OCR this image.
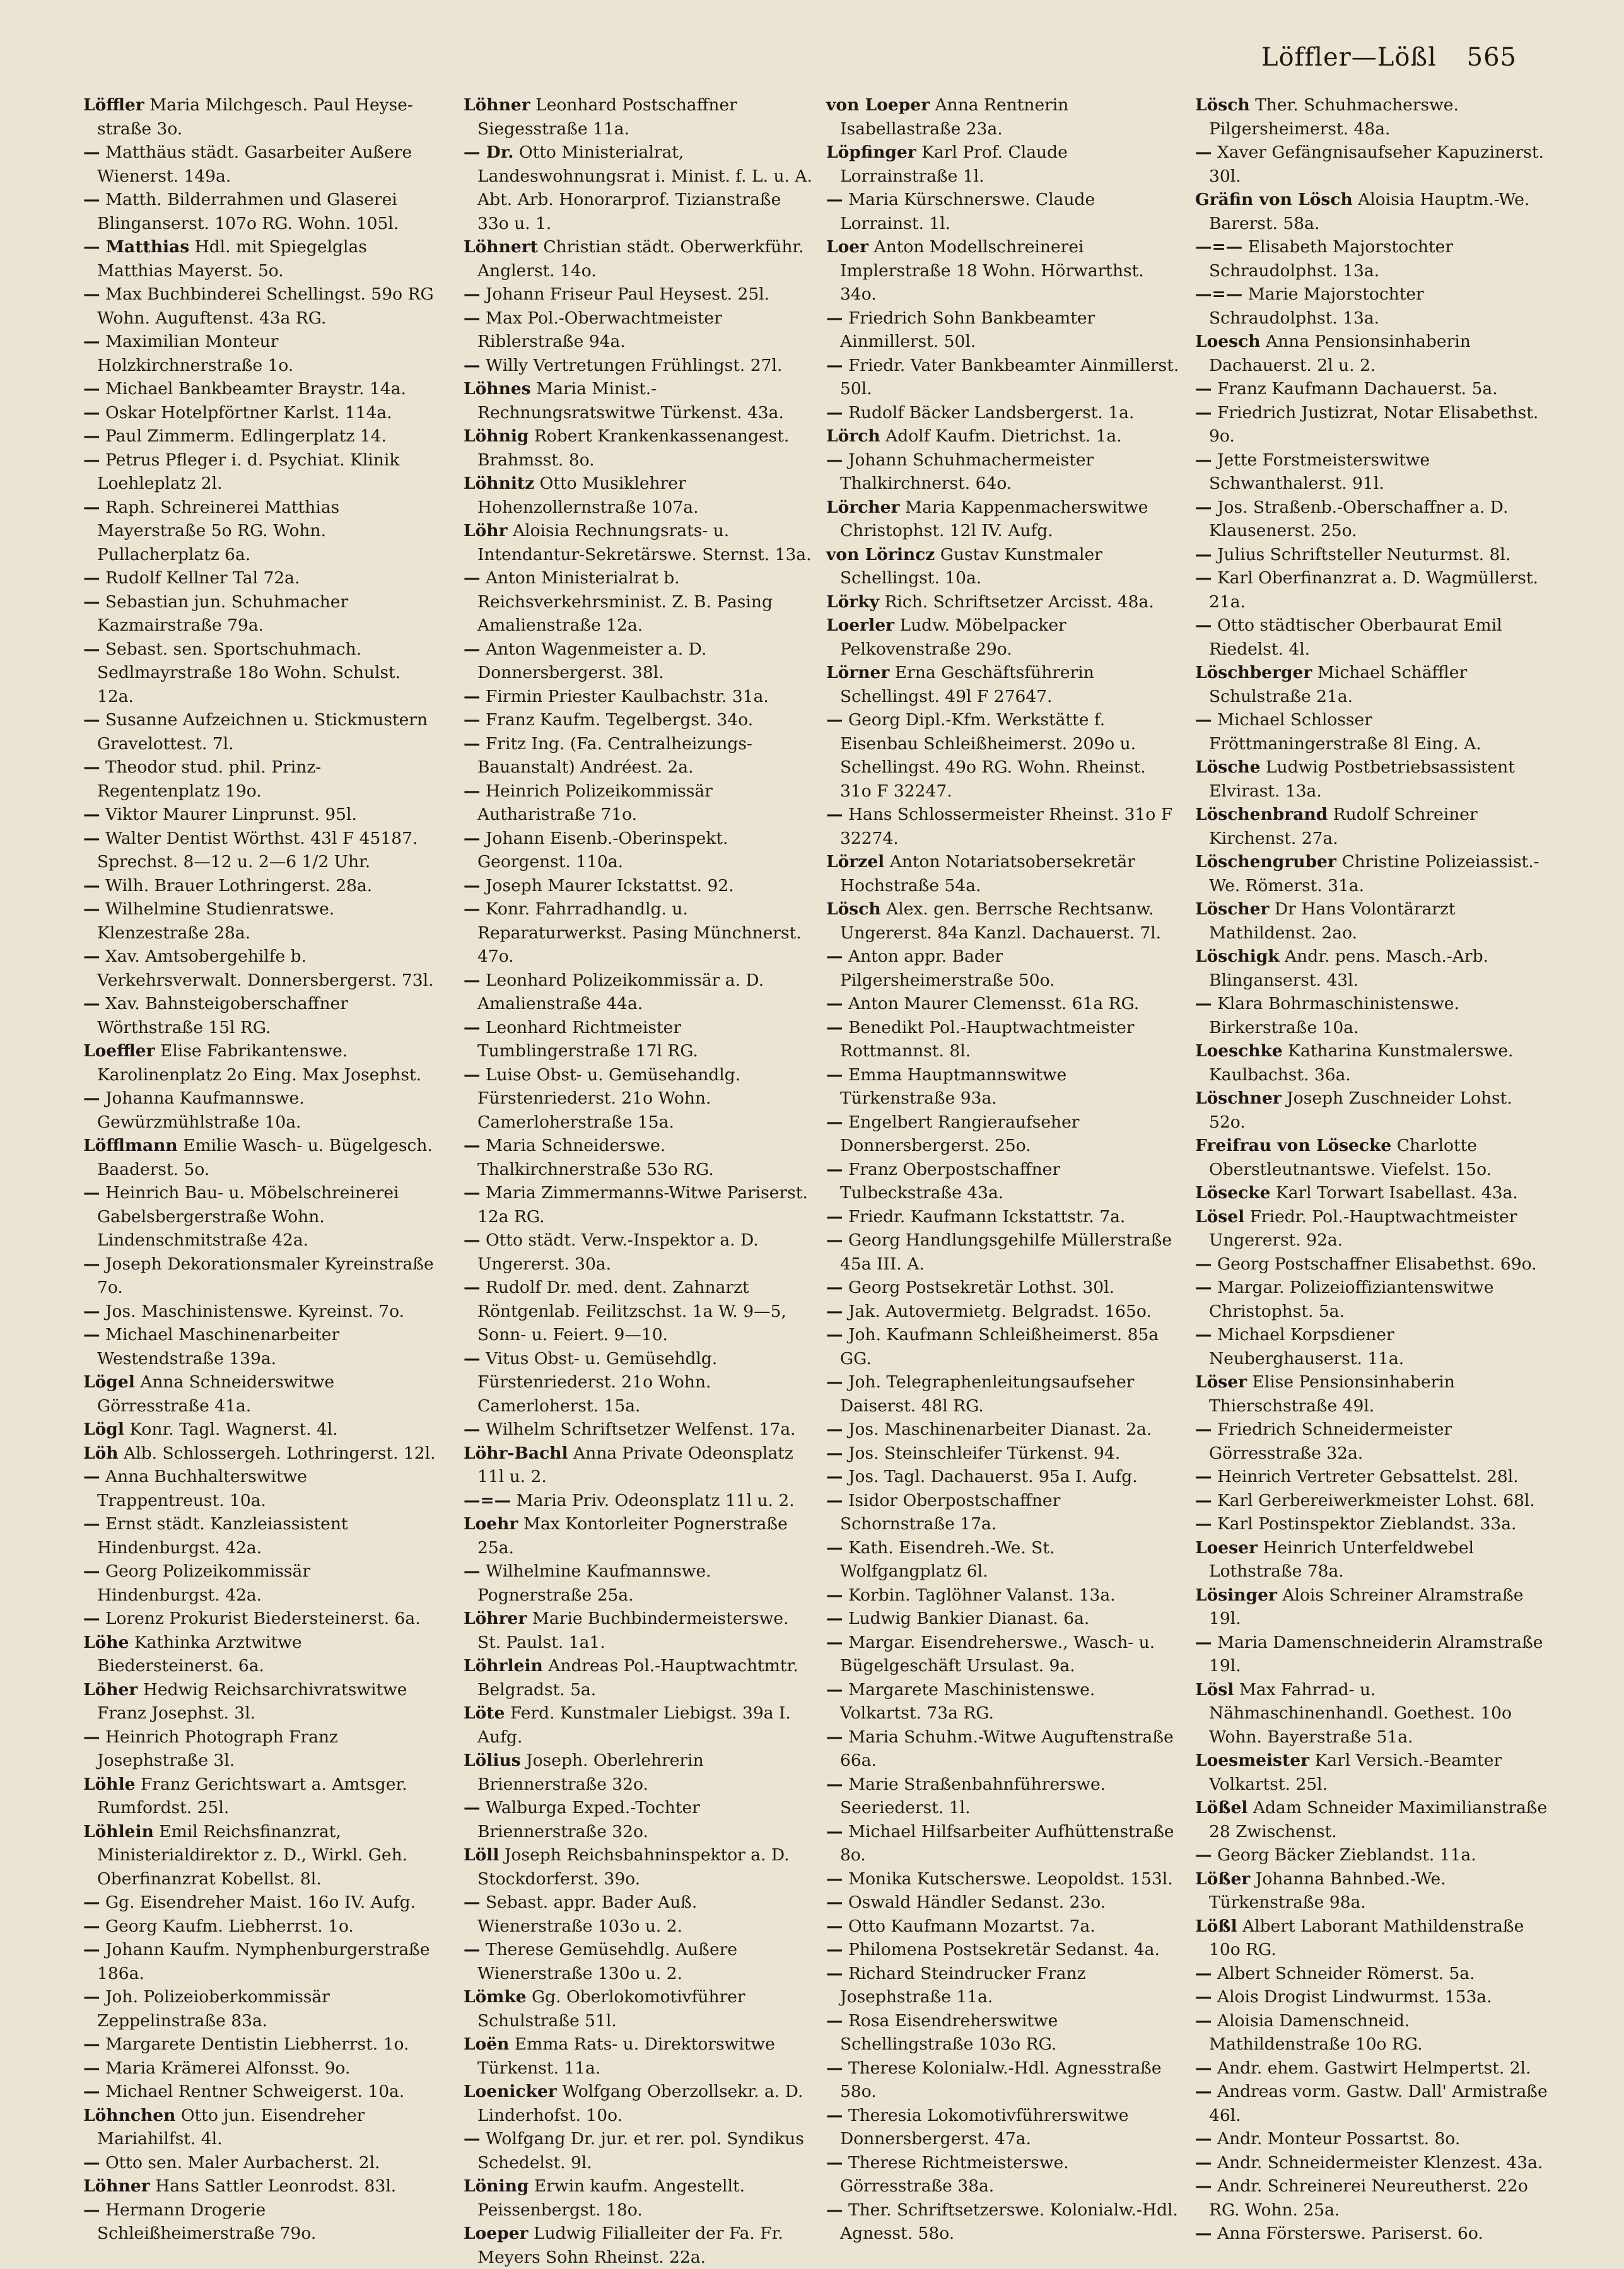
Löffler—Lößl 565

Löffler Maria Milchgesch. Paul Heyse-straße 3o.

— Matthäus städt. Gasarbeiter Außere Wienerst. 149a.

— Matth. Bilderrahmen und Glaserei Blinganserst. 107o RG. Wohn. 105l.

— Matthias Hdl. mit Spiegelglas Matthias Mayerst. 5o.

— Max Buchbinderei Schellingst. 59o RG Wohn. Auguftenst. 43a RG.

— Maximilian Monteur Holzkirchnerstraße 1o.

— Michael Bankbeamter Braystr. 14a.

— Oskar Hotelpförtner Karlst. 114a.

— Paul Zimmerm. Edlingerplatz 14.

— Petrus Pfleger i. d. Psychiat. Klinik Loehleplatz 2l.

— Raph. Schreinerei Matthias Mayerstraße 5o RG. Wohn. Pullacherplatz 6a.

— Rudolf Kellner Tal 72a.

— Sebastian jun. Schuhmacher Kazmairstraße 79a.

— Sebast. sen. Sportschuhmach. Sedlmayrstraße 18o Wohn. Schulst. 12a.

— Susanne Aufzeichnen u. Stickmustern Gravelottest. 7l.

— Theodor stud. phil. Prinz-Regentenplatz 19o.

— Viktor Maurer Linprunst. 95l.

— Walter Dentist Wörthst. 43l F 45187. Sprechst. 8—12 u. 2—6 1/2 Uhr.

— Wilh. Brauer Lothringerst. 28a.

— Wilhelmine Studienratswe. Klenzestraße 28a.

— Xav. Amtsobergehilfe b. Verkehrsverwalt. Donnersbergerst. 73l.

— Xav. Bahnsteigoberschaffner Wörthstraße 15l RG.

Loeffler Elise Fabrikantenswe. Karolinenplatz 2o Eing. Max Josephst.

— Johanna Kaufmannswe. Gewürzmühlstraße 10a.

Löfflmann Emilie Wasch- u. Bügelgesch. Baaderst. 5o.

— Heinrich Bau- u. Möbelschreinerei Gabelsbergerstraße Wohn. Lindenschmitstraße 42a.

— Joseph Dekorationsmaler Kyreinstraße 7o.

— Jos. Maschinistenswe. Kyreinst. 7o.

— Michael Maschinenarbeiter Westendstraße 139a.

Lögel Anna Schneiderswitwe Görresstraße 41a.

Lögl Konr. Tagl. Wagnerst. 4l.

Löh Alb. Schlossergeh. Lothringerst. 12l.

— Anna Buchhalterswitwe Trappentreust. 10a.

— Ernst städt. Kanzleiassistent Hindenburgst. 42a.

— Georg Polizeikommissär Hindenburgst. 42a.

— Lorenz Prokurist Biedersteinerst. 6a.

Löhe Kathinka Arztwitwe Biedersteinerst. 6a.

Löher Hedwig Reichsarchivratswitwe Franz Josephst. 3l.

— Heinrich Photograph Franz Josephstraße 3l.

Löhle Franz Gerichtswart a. Amtsger. Rumfordst. 25l.

Löhlein Emil Reichsfinanzrat, Ministerialdirektor z. D., Wirkl. Geh. Oberfinanzrat Kobellst. 8l.

— Gg. Eisendreher Maist. 16o IV. Aufg.

— Georg Kaufm. Liebherrst. 1o.

— Johann Kaufm. Nymphenburgerstraße 186a.

— Joh. Polizeioberkommissär Zeppelinstraße 83a.

— Margarete Dentistin Liebherrst. 1o.

— Maria Krämerei Alfonsst. 9o.

— Michael Rentner Schweigerst. 10a.

Löhnchen Otto jun. Eisendreher Mariahilfst. 4l.

— Otto sen. Maler Aurbacherst. 2l.

Löhner Hans Sattler Leonrodst. 83l.

— Hermann Drogerie Schleißheimerstraße 79o.

Löhner Leonhard Postschaffner Siegesstraße 11a.

— Dr. Otto Ministerialrat, Landeswohnungsrat i. Minist. f. L. u. A. Abt. Arb. Honorarprof. Tizianstraße 33o u. 1.

Löhnert Christian städt. Oberwerkführ. Anglerst. 14o.

— Johann Friseur Paul Heysest. 25l.

— Max Pol.-Oberwachtmeister Riblerstraße 94a.

— Willy Vertretungen Frühlingst. 27l.

Löhnes Maria Minist.-Rechnungsratswitwe Türkenst. 43a.

Löhnig Robert Krankenkassenangest. Brahmsst. 8o.

Löhnitz Otto Musiklehrer Hohenzollernstraße 107a.

Löhr Aloisia Rechnungsrats- u. Intendantur-Sekretärswe. Sternst. 13a.

— Anton Ministerialrat b. Reichsverkehrsminist. Z. B. Pasing Amalienstraße 12a.

— Anton Wagenmeister a. D. Donnersbergerst. 38l.

— Firmin Priester Kaulbachstr. 31a.

— Franz Kaufm. Tegelbergst. 34o.

— Fritz Ing. (Fa. Centralheizungs-Bauanstalt) Andréest. 2a.

— Heinrich Polizeikommissär Autharistraße 71o.

— Johann Eisenb.-Oberinspekt. Georgenst. 110a.

— Joseph Maurer Ickstattst. 92.

— Konr. Fahrradhandlg. u. Reparaturwerkst. Pasing Münchnerst. 47o.

— Leonhard Polizeikommissär a. D. Amalienstraße 44a.

— Leonhard Richtmeister Tumblingerstraße 17l RG.

— Luise Obst- u. Gemüsehandlg. Fürstenriederst. 21o Wohn. Camerloherstraße 15a.

— Maria Schneiderswe. Thalkirchnerstraße 53o RG.

— Maria Zimmermanns-Witwe Pariserst. 12a RG.

— Otto städt. Verw.-Inspektor a. D. Ungererst. 30a.

— Rudolf Dr. med. dent. Zahnarzt Röntgenlab. Feilitzschst. 1a W. 9—5, Sonn- u. Feiert. 9—10.

— Vitus Obst- u. Gemüsehdlg. Fürstenriederst. 21o Wohn. Camerloherst. 15a.

— Wilhelm Schriftsetzer Welfenst. 17a.

Löhr-Bachl Anna Private Odeonsplatz 11l u. 2.

—=— Maria Priv. Odeonsplatz 11l u. 2.

Loehr Max Kontorleiter Pognerstraße 25a.

— Wilhelmine Kaufmannswe. Pognerstraße 25a.

Löhrer Marie Buchbindermeisterswe. St. Paulst. 1a1.

Löhrlein Andreas Pol.-Hauptwachtmtr. Belgradst. 5a.

Löte Ferd. Kunstmaler Liebigst. 39a I. Aufg.

Lölius Joseph. Oberlehrerin Briennerstraße 32o.

— Walburga Exped.-Tochter Briennerstraße 32o.

Löll Joseph Reichsbahninspektor a. D. Stockdorferst. 39o.

— Sebast. appr. Bader Auß. Wienerstraße 103o u. 2.

— Therese Gemüsehdlg. Außere Wienerstraße 130o u. 2.

Lömke Gg. Oberlokomotivführer Schulstraße 51l.

Loën Emma Rats- u. Direktorswitwe Türkenst. 11a.

Loenicker Wolfgang Oberzollsekr. a. D. Linderhofst. 10o.

— Wolfgang Dr. jur. et rer. pol. Syndikus Schedelst. 9l.

Löning Erwin kaufm. Angestellt. Peissenbergst. 18o.

Loeper Ludwig Filialleiter der Fa. Fr. Meyers Sohn Rheinst. 22a.

von Loeper Anna Rentnerin Isabellastraße 23a.

Löpfinger Karl Prof. Claude Lorrainstraße 1l.

— Maria Kürschnerswe. Claude Lorrainst. 1l.

Loer Anton Modellschreinerei Implerstraße 18 Wohn. Hörwarthst. 34o.

— Friedrich Sohn Bankbeamter Ainmillerst. 50l.

— Friedr. Vater Bankbeamter Ainmillerst. 50l.

— Rudolf Bäcker Landsbergerst. 1a.

Lörch Adolf Kaufm. Dietrichst. 1a.

— Johann Schuhmachermeister Thalkirchnerst. 64o.

Lörcher Maria Kappenmacherswitwe Christophst. 12l IV. Aufg.

von Lörincz Gustav Kunstmaler Schellingst. 10a.

Lörky Rich. Schriftsetzer Arcisst. 48a.

Loerler Ludw. Möbelpacker Pelkovenstraße 29o.

Lörner Erna Geschäftsführerin Schellingst. 49l F 27647.

— Georg Dipl.-Kfm. Werkstätte f. Eisenbau Schleißheimerst. 209o u. Schellingst. 49o RG. Wohn. Rheinst. 31o F 32247.

— Hans Schlossermeister Rheinst. 31o F 32274.

Lörzel Anton Notariatsobersekretär Hochstraße 54a.

Lösch Alex. gen. Berrsche Rechtsanw. Ungererst. 84a Kanzl. Dachauerst. 7l.

— Anton appr. Bader Pilgersheimerstraße 50o.

— Anton Maurer Clemensst. 61a RG.

— Benedikt Pol.-Hauptwachtmeister Rottmannst. 8l.

— Emma Hauptmannswitwe Türkenstraße 93a.

— Engelbert Rangieraufseher Donnersbergerst. 25o.

— Franz Oberpostschaffner Tulbeckstraße 43a.

— Friedr. Kaufmann Ickstattstr. 7a.

— Georg Handlungsgehilfe Müllerstraße 45a III. A.

— Georg Postsekretär Lothst. 30l.

— Jak. Autovermietg. Belgradst. 165o.

— Joh. Kaufmann Schleißheimerst. 85a GG.

— Joh. Telegraphenleitungsaufseher Daiserst. 48l RG.

— Jos. Maschinenarbeiter Dianast. 2a.

— Jos. Steinschleifer Türkenst. 94.

— Jos. Tagl. Dachauerst. 95a I. Aufg.

— Isidor Oberpostschaffner Schornstraße 17a.

— Kath. Eisendreh.-We. St. Wolfgangplatz 6l.

— Korbin. Taglöhner Valanst. 13a.

— Ludwig Bankier Dianast. 6a.

— Margar. Eisendreherswe., Wasch- u. Bügelgeschäft Ursulast. 9a.

— Margarete Maschinistenswe. Volkartst. 73a RG.

— Maria Schuhm.-Witwe Auguftenstraße 66a.

— Marie Straßenbahnführerswe. Seeriederst. 1l.

— Michael Hilfsarbeiter Aufhüttenstraße 8o.

— Monika Kutscherswe. Leopoldst. 153l.

— Oswald Händler Sedanst. 23o.

— Otto Kaufmann Mozartst. 7a.

— Philomena Postsekretär Sedanst. 4a.

— Richard Steindrucker Franz Josephstraße 11a.

— Rosa Eisendreherswitwe Schellingstraße 103o RG.

— Therese Kolonialw.-Hdl. Agnesstraße 58o.

— Theresia Lokomotivführerswitwe Donnersbergerst. 47a.

— Therese Richtmeisterswe. Görresstraße 38a.

— Ther. Schriftsetzerswe. Kolonialw.-Hdl. Agnesst. 58o.

Lösch Ther. Schuhmacherswe. Pilgersheimerst. 48a.

— Xaver Gefängnisaufseher Kapuzinerst. 30l.

Gräfin von Lösch Aloisia Hauptm.-We. Barerst. 58a.

—=— Elisabeth Majorstochter Schraudolphst. 13a.

—=— Marie Majorstochter Schraudolphst. 13a.

Loesch Anna Pensionsinhaberin Dachauerst. 2l u. 2.

— Franz Kaufmann Dachauerst. 5a.

— Friedrich Justizrat, Notar Elisabethst. 9o.

— Jette Forstmeisterswitwe Schwanthalerst. 91l.

— Jos. Straßenb.-Oberschaffner a. D. Klausenerst. 25o.

— Julius Schriftsteller Neuturmst. 8l.

— Karl Oberfinanzrat a. D. Wagmüllerst. 21a.

— Otto städtischer Oberbaurat Emil Riedelst. 4l.

Löschberger Michael Schäffler Schulstraße 21a.

— Michael Schlosser Fröttmaningerstraße 8l Eing. A.

Lösche Ludwig Postbetriebsassistent Elvirast. 13a.

Löschenbrand Rudolf Schreiner Kirchenst. 27a.

Löschengruber Christine Polizeiassist.-We. Römerst. 31a.

Löscher Dr Hans Volontärarzt Mathildenst. 2ao.

Löschigk Andr. pens. Masch.-Arb. Blinganserst. 43l.

— Klara Bohrmaschinistenswe. Birkerstraße 10a.

Loeschke Katharina Kunstmalerswe. Kaulbachst. 36a.

Löschner Joseph Zuschneider Lohst. 52o.

Freifrau von Lösecke Charlotte Oberstleutnantswe. Viefelst. 15o.

Lösecke Karl Torwart Isabellast. 43a.

Lösel Friedr. Pol.-Hauptwachtmeister Ungererst. 92a.

— Georg Postschaffner Elisabethst. 69o.

— Margar. Polizeioffiziantenswitwe Christophst. 5a.

— Michael Korpsdiener Neuberghauserst. 11a.

Löser Elise Pensionsinhaberin Thierschstraße 49l.

— Friedrich Schneidermeister Görresstraße 32a.

— Heinrich Vertreter Gebsattelst. 28l.

— Karl Gerbereiwerkmeister Lohst. 68l.

— Karl Postinspektor Zieblandst. 33a.

Loeser Heinrich Unterfeldwebel Lothstraße 78a.

Lösinger Alois Schreiner Alramstraße 19l.

— Maria Damenschneiderin Alramstraße 19l.

Lösl Max Fahrrad- u. Nähmaschinenhandl. Goethest. 10o Wohn. Bayerstraße 51a.

Loesmeister Karl Versich.-Beamter Volkartst. 25l.

Lößel Adam Schneider Maximilianstraße 28 Zwischenst.

— Georg Bäcker Zieblandst. 11a.

Lößer Johanna Bahnbed.-We. Türkenstraße 98a.

Lößl Albert Laborant Mathildenstraße 10o RG.

— Albert Schneider Römerst. 5a.

— Alois Drogist Lindwurmst. 153a.

— Aloisia Damenschneid. Mathildenstraße 10o RG.

— Andr. ehem. Gastwirt Helmpertst. 2l.

— Andreas vorm. Gastw. Dall' Armistraße 46l.

— Andr. Monteur Possartst. 8o.

— Andr. Schneidermeister Klenzest. 43a.

— Andr. Schreinerei Neureutherst. 22o RG. Wohn. 25a.

— Anna Försterswe. Pariserst. 6o.
